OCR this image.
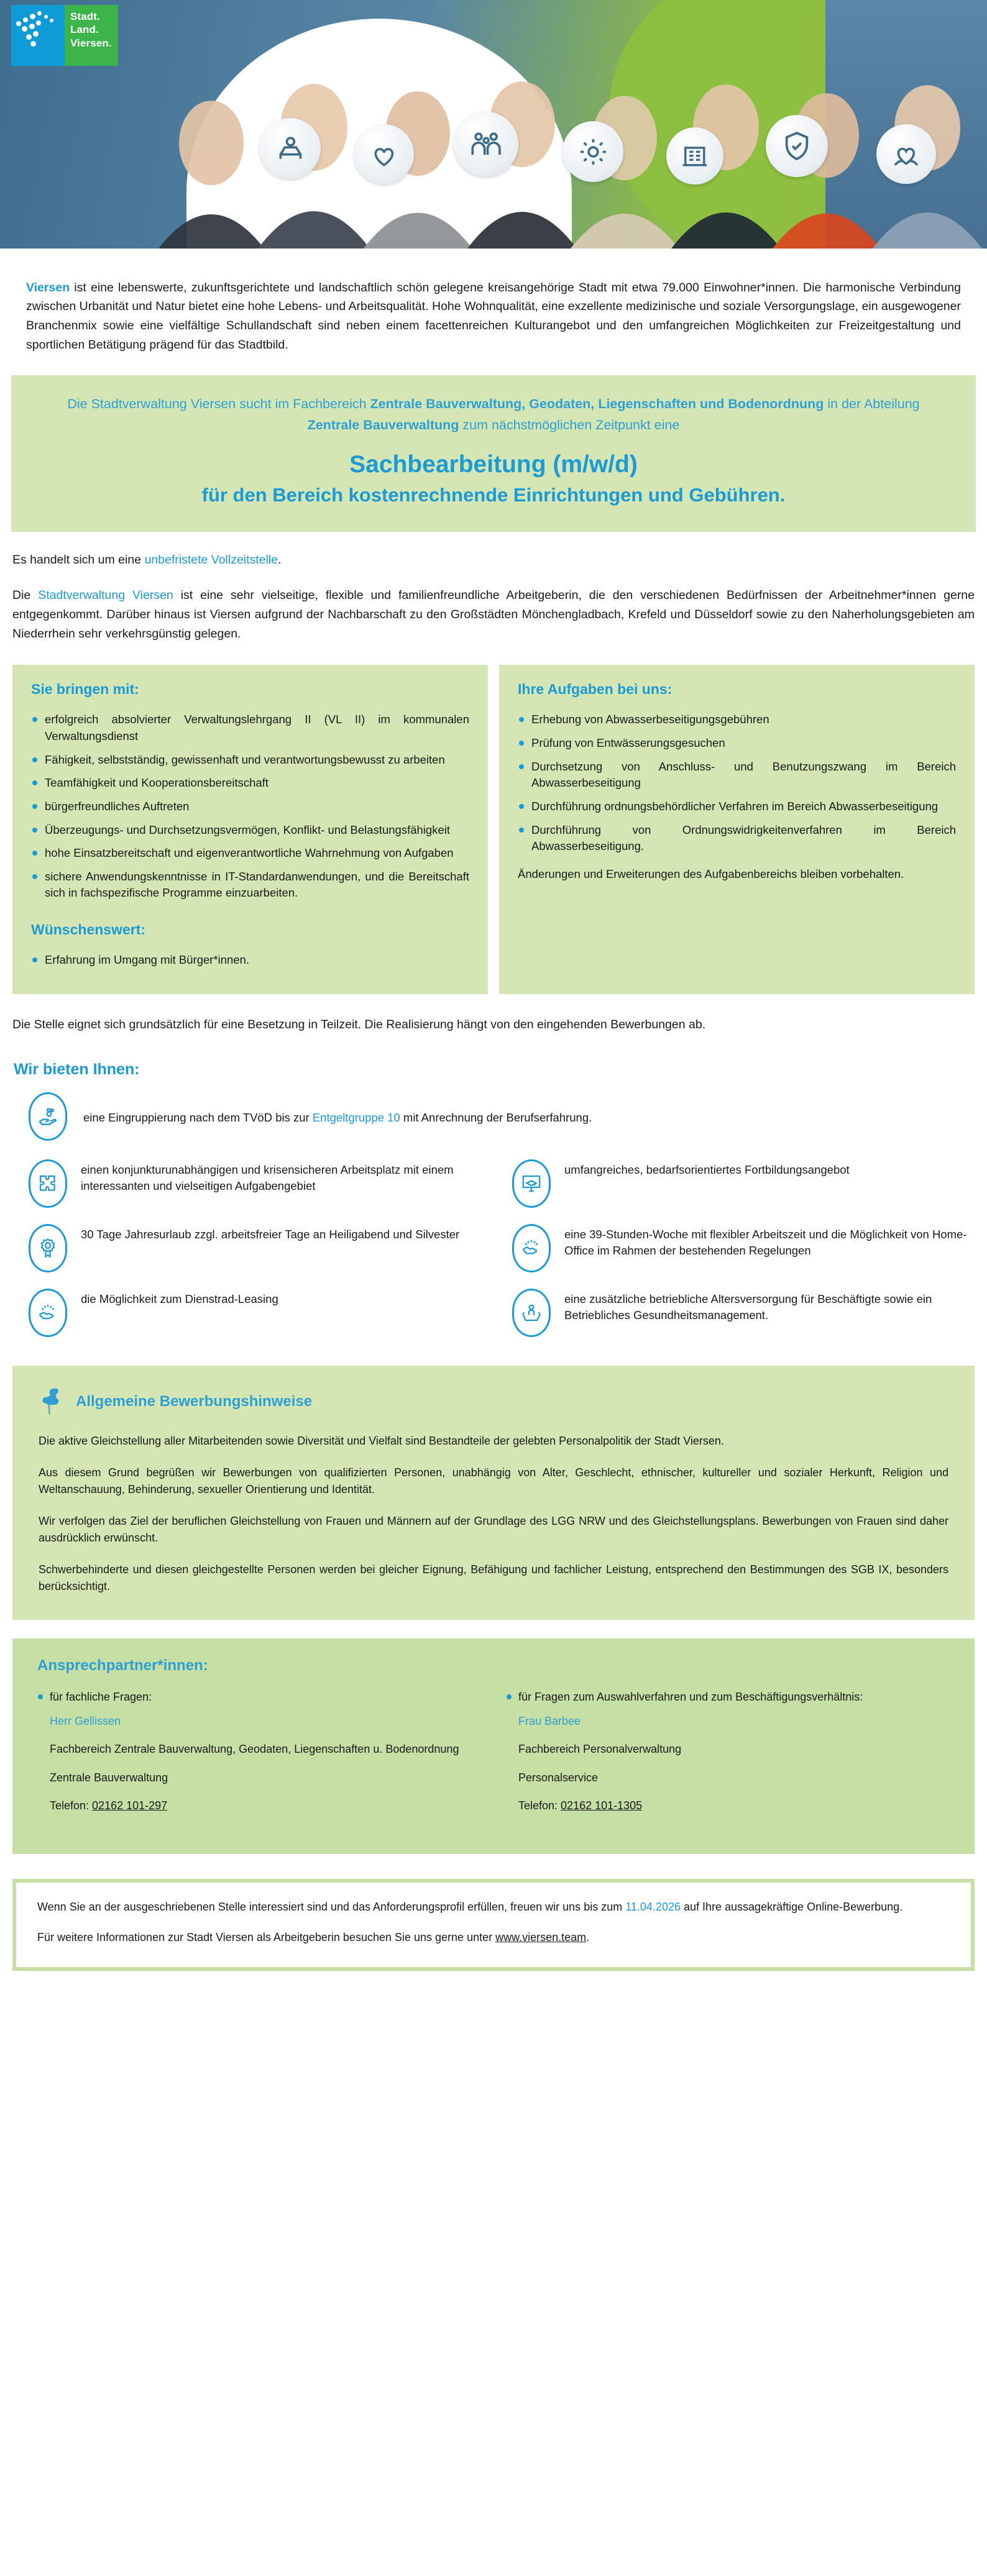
Stadt.
Land.
Viersen.

Viersen ist eine lebenswerte, zukunftsgerichtete und landschaftlich schön gelegene kreisangehörige Stadt mit etwa 79.000 Einwohner*innen. Die harmonische Verbindung zwischen Urbanität und Natur bietet eine hohe Lebens- und Arbeitsqualität. Hohe Wohnqualität, eine exzellente medizinische und soziale Versorgungslage, ein ausgewogener Branchenmix sowie eine vielfältige Schullandschaft sind neben einem facettenreichen Kulturangebot und den umfangreichen Möglichkeiten zur Freizeitgestaltung und sportlichen Betätigung prägend für das Stadtbild.

Die Stadtverwaltung Viersen sucht im Fachbereich Zentrale Bauverwaltung, Geodaten, Liegenschaften und Bodenordnung in der Abteilung Zentrale Bauverwaltung zum nächstmöglichen Zeitpunkt eine
Sachbearbeitung (m/w/d)
für den Bereich kostenrechnende Einrichtungen und Gebühren.

Es handelt sich um eine unbefristete Vollzeitstelle.

Die Stadtverwaltung Viersen ist eine sehr vielseitige, flexible und familienfreundliche Arbeitgeberin, die den verschiedenen Bedürfnissen der Arbeitnehmer*innen gerne entgegenkommt. Darüber hinaus ist Viersen aufgrund der Nachbarschaft zu den Großstädten Mönchengladbach, Krefeld und Düsseldorf sowie zu den Naherholungsgebieten am Niederrhein sehr verkehrsgünstig gelegen.

Sie bringen mit:
erfolgreich absolvierter Verwaltungslehrgang II (VL II) im kommunalen Verwaltungsdienst
Fähigkeit, selbstständig, gewissenhaft und verantwortungsbewusst zu arbeiten
Teamfähigkeit und Kooperationsbereitschaft
bürgerfreundliches Auftreten
Überzeugungs- und Durchsetzungsvermögen, Konflikt- und Belastungsfähigkeit
hohe Einsatzbereitschaft und eigenverantwortliche Wahrnehmung von Aufgaben
sichere Anwendungskenntnisse in IT-Standardanwendungen, und die Bereitschaft sich in fachspezifische Programme einzuarbeiten.
Wünschenswert:
Erfahrung im Umgang mit Bürger*innen.
Ihre Aufgaben bei uns:
Erhebung von Abwasserbeseitigungsgebühren
Prüfung von Entwässerungsgesuchen
Durchsetzung von Anschluss- und Benutzungszwang im Bereich Abwasserbeseitigung
Durchführung ordnungsbehördlicher Verfahren im Bereich Abwasserbeseitigung
Durchführung von Ordnungswidrigkeitenverfahren im Bereich Abwasserbeseitigung.
Änderungen und Erweiterungen des Aufgabenbereichs bleiben vorbehalten.

Die Stelle eignet sich grundsätzlich für eine Besetzung in Teilzeit. Die Realisierung hängt von den eingehenden Bewerbungen ab.

Wir bieten Ihnen:
eine Eingruppierung nach dem TVöD bis zur Entgeltgruppe 10 mit Anrechnung der Berufserfahrung.
einen konjunkturunabhängigen und krisensicheren Arbeitsplatz mit einem interessanten und vielseitigen Aufgabengebiet
umfangreiches, bedarfsorientiertes Fortbildungsangebot
30 Tage Jahresurlaub zzgl. arbeitsfreier Tage an Heiligabend und Silvester	eine 39-Stunden-Woche mit flexibler Arbeitszeit und die Möglichkeit von Home-Office im Rahmen der bestehenden Regelungen
die Möglichkeit zum Dienstrad-Leasing	eine zusätzliche betriebliche Altersversorgung für Beschäftigte sowie ein Betriebliches Gesundheitsmanagement.
Allgemeine Bewerbungshinweise

Die aktive Gleichstellung aller Mitarbeitenden sowie Diversität und Vielfalt sind Bestandteile der gelebten Personalpolitik der Stadt Viersen.

Aus diesem Grund begrüßen wir Bewerbungen von qualifizierten Personen, unabhängig von Alter, Geschlecht, ethnischer, kultureller und sozialer Herkunft, Religion und Weltanschauung, Behinderung, sexueller Orientierung und Identität.

Wir verfolgen das Ziel der beruflichen Gleichstellung von Frauen und Männern auf der Grundlage des LGG NRW und des Gleichstellungsplans. Bewerbungen von Frauen sind daher ausdrücklich erwünscht.

Schwerbehinderte und diesen gleichgestellte Personen werden bei gleicher Eignung, Befähigung und fachlicher Leistung, entsprechend den Bestimmungen des SGB IX, besonders berücksichtigt.

Ansprechpartner*innen:
für fachliche Fragen:
Herr Gellissen
Fachbereich Zentrale Bauverwaltung, Geodaten, Liegenschaften u. Bodenordnung
Zentrale Bauverwaltung
Telefon: 02162 101-297
für Fragen zum Auswahlverfahren und zum Beschäftigungsverhältnis:
Frau Barbee
Fachbereich Personalverwaltung
Personalservice
Telefon: 02162 101-1305

Wenn Sie an der ausgeschriebenen Stelle interessiert sind und das Anforderungsprofil erfüllen, freuen wir uns bis zum 11.04.2026 auf Ihre aussagekräftige Online-Bewerbung.

Für weitere Informationen zur Stadt Viersen als Arbeitgeberin besuchen Sie uns gerne unter www.viersen.team.
